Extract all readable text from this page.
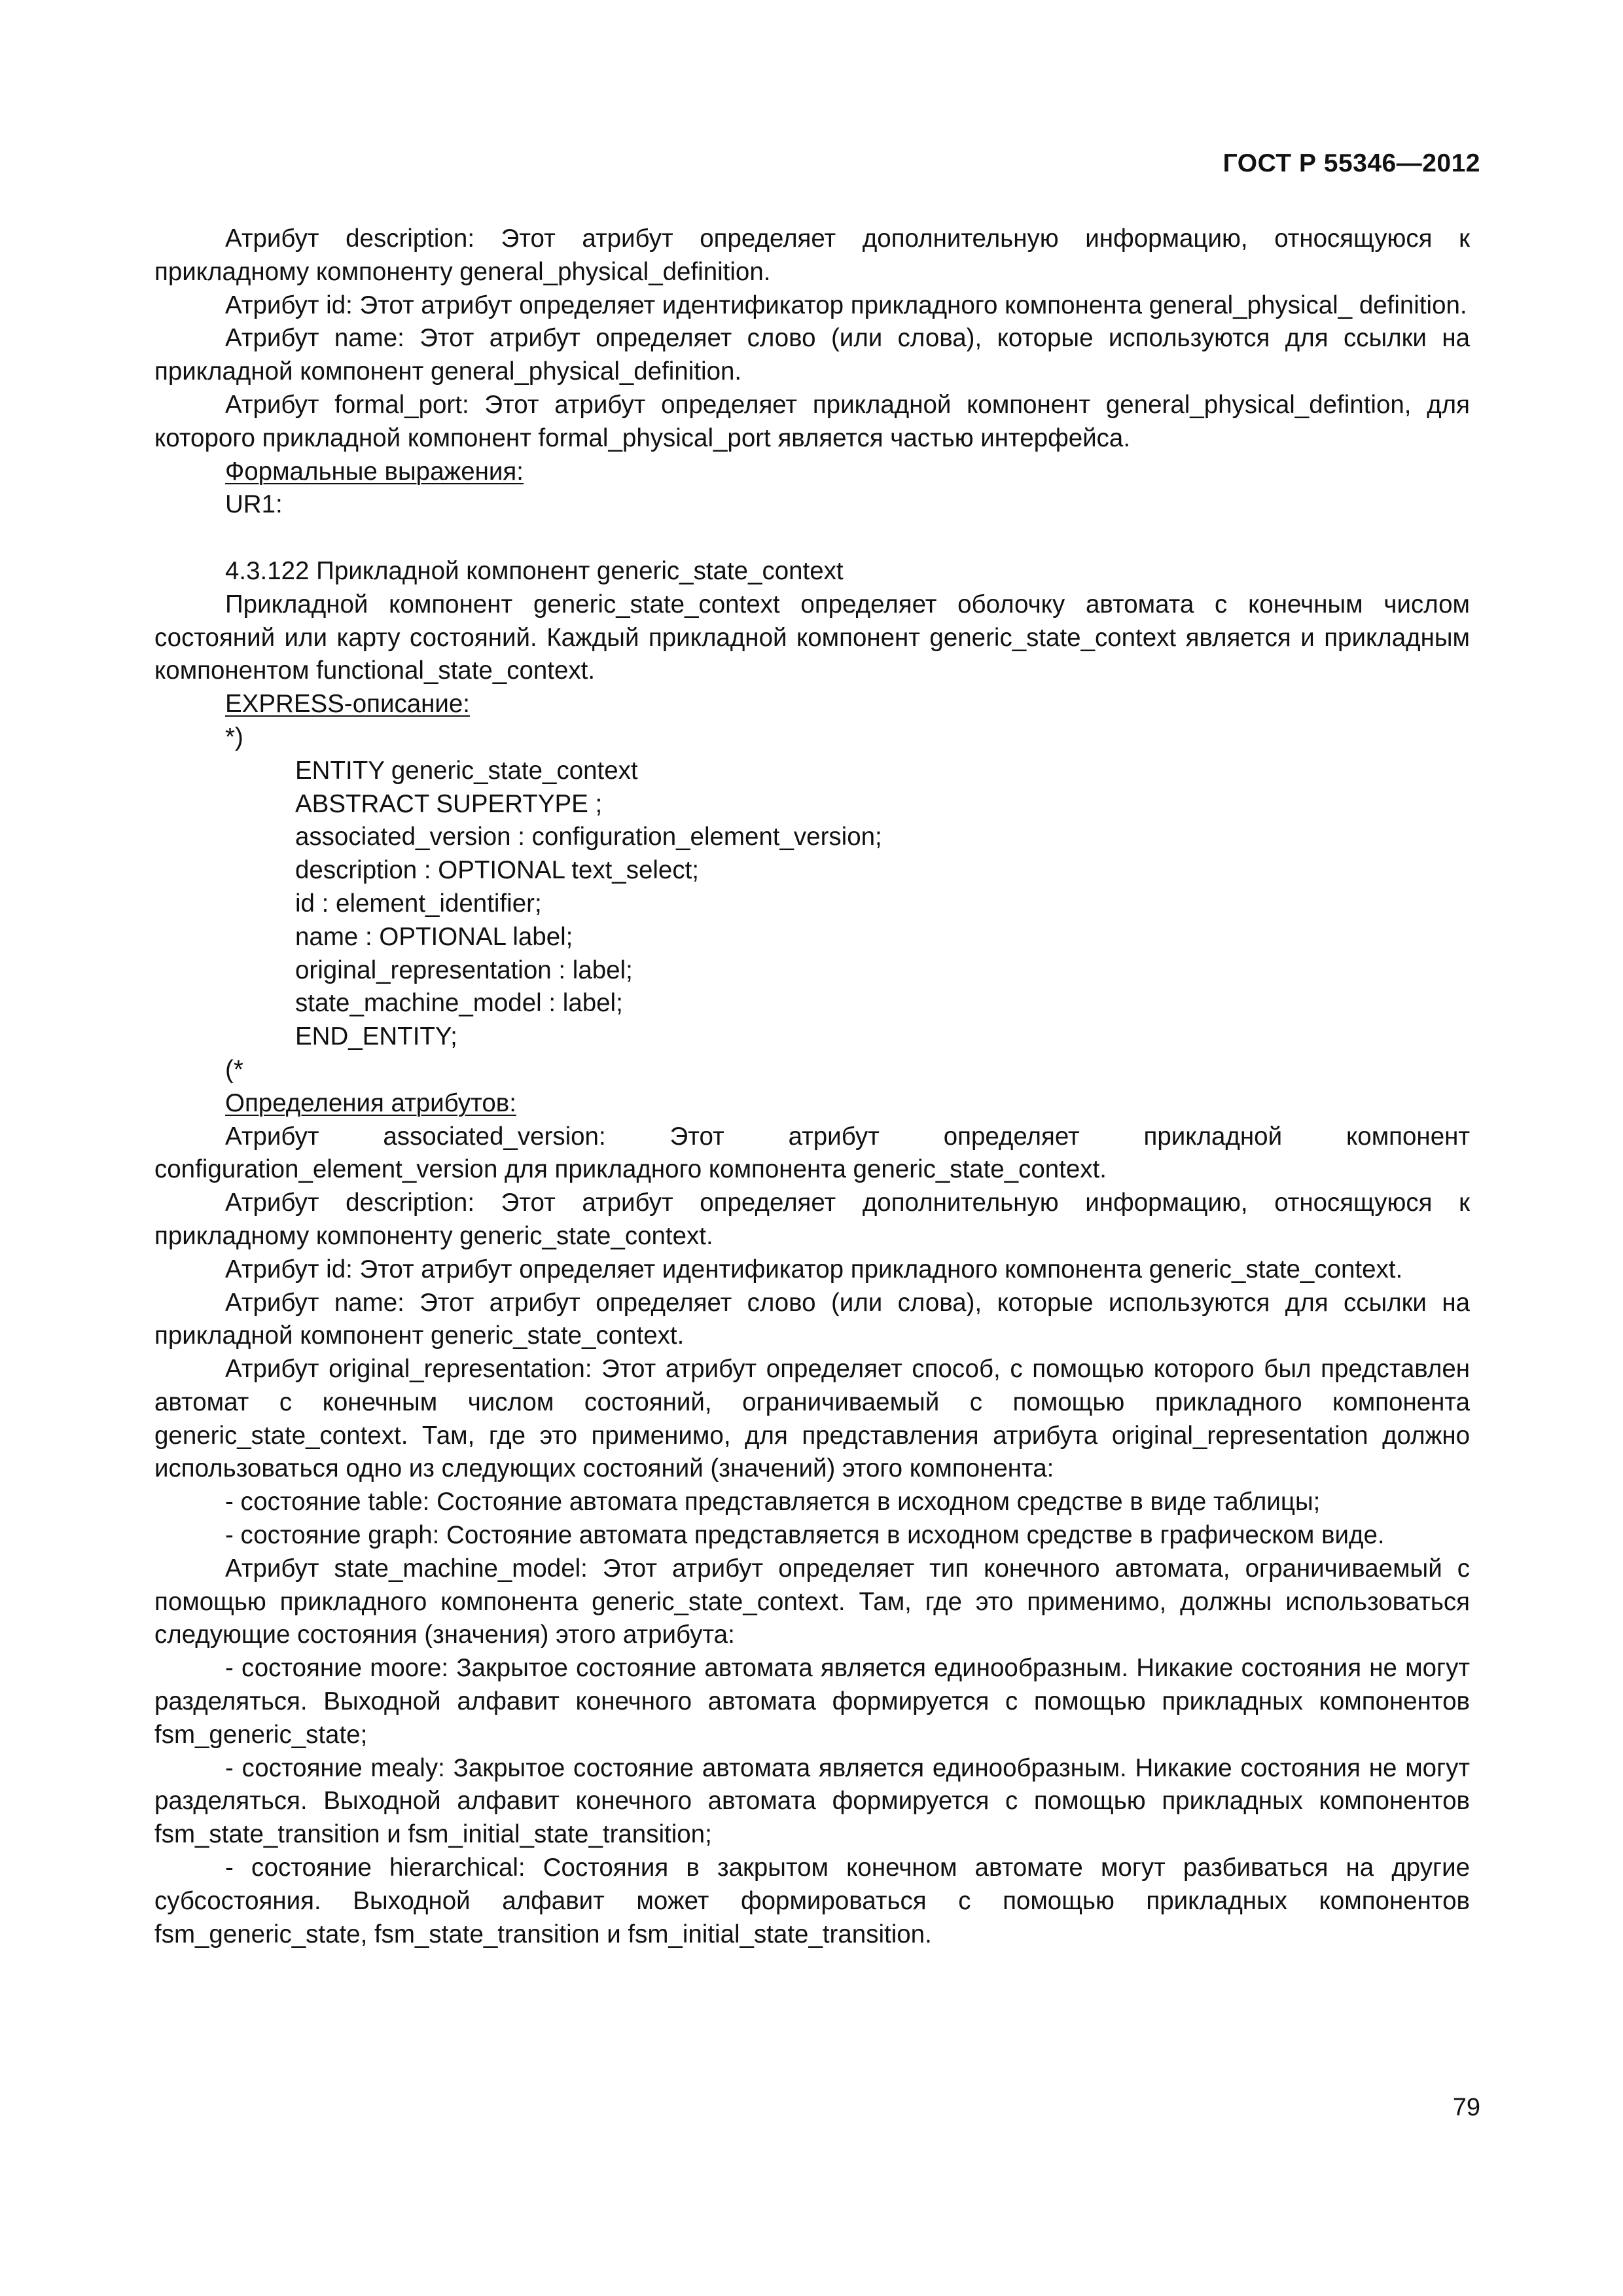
ГОСТ Р 55346—2012

Атрибут description: Этот атрибут определяет дополнительную информацию, относящуюся к прикладному компоненту general_physical_definition.

Атрибут id: Этот атрибут определяет идентификатор прикладного компонента general_physical_ definition.

Атрибут name: Этот атрибут определяет слово (или слова), которые используются для ссылки на прикладной компонент general_physical_definition.

Атрибут formal_port: Этот атрибут определяет прикладной компонент general_physical_defintion, для которого прикладной компонент formal_physical_port является частью интерфейса.

Формальные выражения:

UR1:

4.3.122 Прикладной компонент generic_state_context

Прикладной компонент generic_state_context определяет оболочку автомата с конечным числом состояний или карту состояний. Каждый прикладной компонент generic_state_context является и прикладным компонентом functional_state_context.

EXPRESS-описание:

*)

ENTITY generic_state_context

ABSTRACT SUPERTYPE ;

associated_version : configuration_element_version;

description : OPTIONAL text_select;

id : element_identifier;

name : OPTIONAL label;

original_representation : label;

state_machine_model : label;

END_ENTITY;

(*

Определения атрибутов:

Атрибут associated_version: Этот атрибут определяет прикладной компонент configuration_element_version для прикладного компонента generic_state_context.

Атрибут description: Этот атрибут определяет дополнительную информацию, относящуюся к прикладному компоненту generic_state_context.

Атрибут id: Этот атрибут определяет идентификатор прикладного компонента generic_state_context.

Атрибут name: Этот атрибут определяет слово (или слова), которые используются для ссылки на прикладной компонент generic_state_context.

Атрибут original_representation: Этот атрибут определяет способ, с помощью которого был представлен автомат с конечным числом состояний, ограничиваемый с помощью прикладного компонента generic_state_context. Там, где это применимо, для представления атрибута original_representation должно использоваться одно из следующих состояний (значений) этого компонента:

- состояние table: Состояние автомата представляется в исходном средстве в виде таблицы;

- состояние graph: Состояние автомата представляется в исходном средстве в графическом виде.

Атрибут state_machine_model: Этот атрибут определяет тип конечного автомата, ограничиваемый с помощью прикладного компонента generic_state_context. Там, где это применимо, должны использоваться следующие состояния (значения) этого атрибута:

- состояние moore: Закрытое состояние автомата является единообразным. Никакие состояния не могут разделяться. Выходной алфавит конечного автомата формируется с помощью прикладных компонентов fsm_generic_state;

- состояние mealy: Закрытое состояние автомата является единообразным. Никакие состояния не могут разделяться. Выходной алфавит конечного автомата формируется с помощью прикладных компонентов fsm_state_transition и fsm_initial_state_transition;

- состояние hierarchical: Состояния в закрытом конечном автомате могут разбиваться на другие субсостояния. Выходной алфавит может формироваться с помощью прикладных компонентов fsm_generic_state, fsm_state_transition и fsm_initial_state_transition.

79
